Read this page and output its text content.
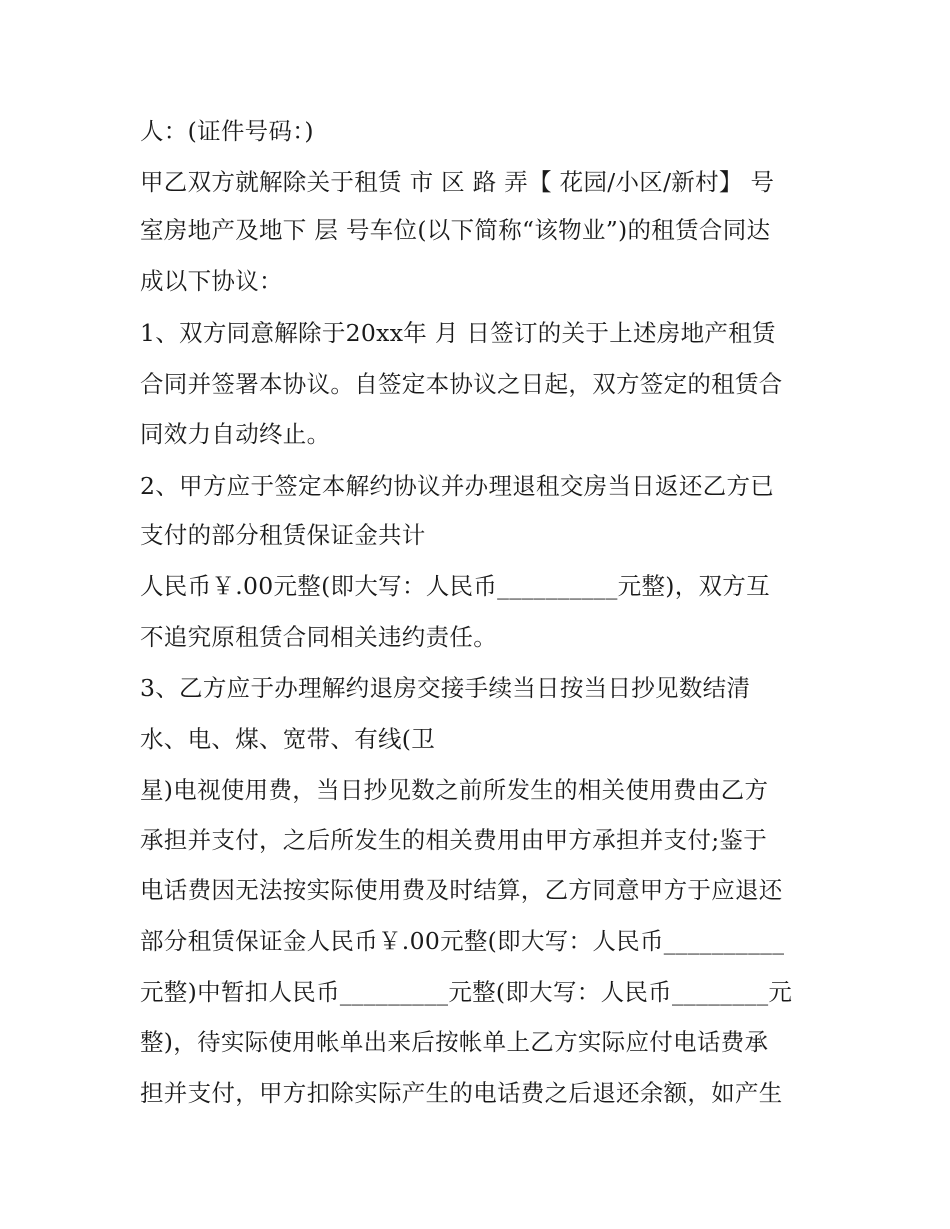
人：(证件号码：)
甲乙双方就解除关于租赁 市 区 路 弄【 花园/小区/新村】 号
室房地产及地下 层 号车位(以下简称“该物业”)的租赁合同达
成以下协议：
1、双方同意解除于20xx年 月 日签订的关于上述房地产租赁
合同并签署本协议。自签定本协议之日起，双方签定的租赁合
同效力自动终止。
2、甲方应于签定本解约协议并办理退租交房当日返还乙方已
支付的部分租赁保证金共计
人民币￥.00元整(即大写：人民币__________元整)，双方互
不追究原租赁合同相关违约责任。
3、乙方应于办理解约退房交接手续当日按当日抄见数结清
水、电、煤、宽带、有线(卫
星)电视使用费，当日抄见数之前所发生的相关使用费由乙方
承担并支付，之后所发生的相关费用由甲方承担并支付;鉴于
电话费因无法按实际使用费及时结算，乙方同意甲方于应退还
部分租赁保证金人民币￥.00元整(即大写：人民币__________
元整)中暂扣人民币_________元整(即大写：人民币________元
整)，待实际使用帐单出来后按帐单上乙方实际应付电话费承
担并支付，甲方扣除实际产生的电话费之后退还余额，如产生
